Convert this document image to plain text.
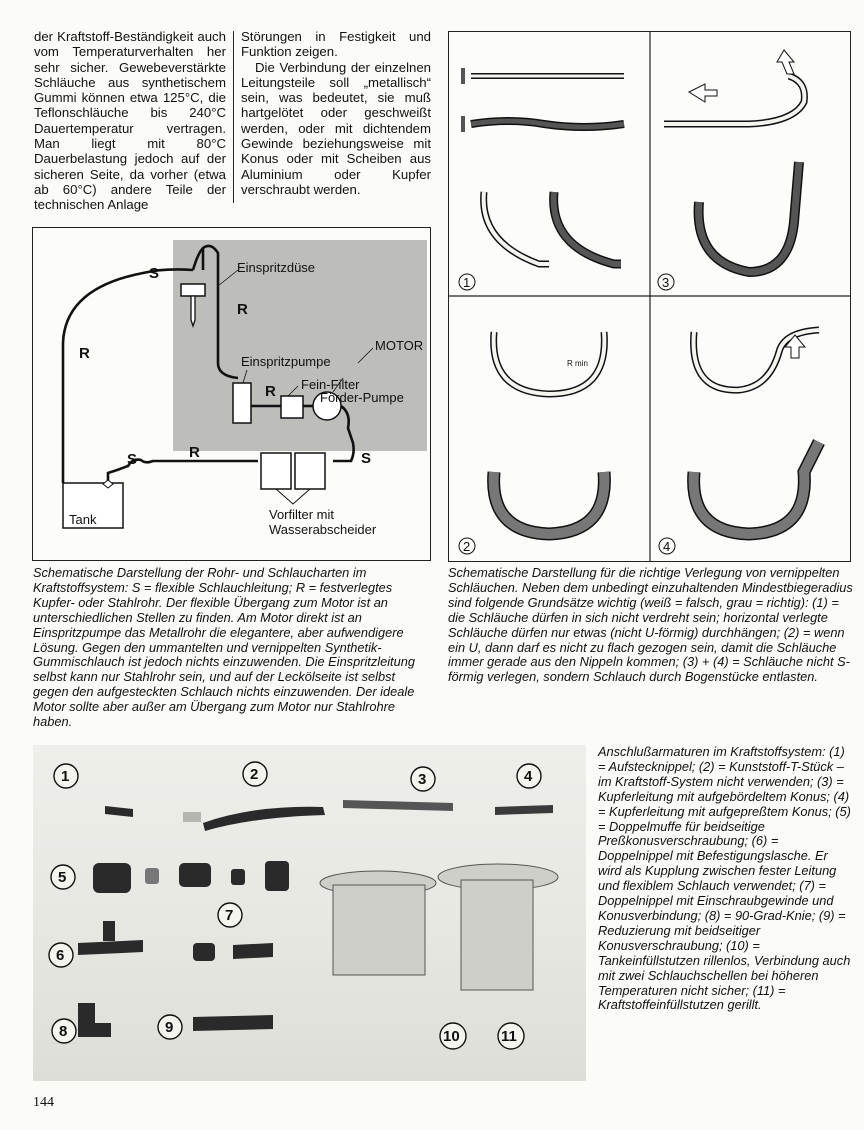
der Kraftstoff-Beständigkeit auch vom Temperaturverhalten her sehr sicher. Gewebeverstärkte Schläuche aus synthetischem Gummi können etwa 125°C, die Teflonschläuche bis 240°C Dauertemperatur vertragen. Man liegt mit 80°C Dauerbelastung jedoch auf der sicheren Seite, da vorher (etwa ab 60°C) andere Teile der technischen Anlage

Störungen in Festigkeit und Funktion zeigen.

Die Verbindung der einzelnen Leitungsteile soll „metallisch“ sein, was bedeutet, sie muß hartgelötet oder geschweißt werden, oder mit dichtendem Gewinde beziehungsweise mit Konus oder mit Scheiben aus Aluminium oder Kupfer verschraubt werden.

Einspritzdüse
Einspritzpumpe
MOTOR
Fein-Filter
Förder-Pumpe
Vorfilter mit
Wasserabscheider
Tank
S
S
S
R
R
R
R
1	3
R min
2	4
Schematische Darstellung der Rohr- und Schlaucharten im Kraftstoffsystem: S = flexible Schlauchleitung; R = festverlegtes Kupfer- oder Stahlrohr. Der flexible Übergang zum Motor ist an unterschiedlichen Stellen zu finden. Am Motor direkt ist an Einspritzpumpe das Metallrohr die elegantere, aber aufwendigere Lösung. Gegen den ummantelten und vernippelten Synthetik-Gummischlauch ist jedoch nichts einzuwenden. Die Einspritzleitung selbst kann nur Stahlrohr sein, und auf der Leckölseite ist selbst gegen den aufgesteckten Schlauch nichts einzuwenden. Der ideale Motor sollte aber außer am Übergang zum Motor nur Stahlrohre haben.
Schematische Darstellung für die richtige Verlegung von vernippelten Schläuchen. Neben dem unbedingt einzuhaltenden Mindestbiegeradius sind folgende Grundsätze wichtig (weiß = falsch, grau = richtig): (1) = die Schläuche dürfen in sich nicht verdreht sein; horizontal verlegte Schläuche dürfen nur etwas (nicht U-förmig) durchhängen; (2) = wenn ein U, dann darf es nicht zu flach gezogen sein, damit die Schläuche immer gerade aus den Nippeln kommen; (3) + (4) = Schläuche nicht S-förmig verlegen, sondern Schlauch durch Bogenstücke entlasten.
1	2	3	4
5
6
7
8	9
10	11
Anschlußarmaturen im Kraftstoffsystem: (1) = Aufstecknippel; (2) = Kunststoff-T-Stück – im Kraftstoff-System nicht verwenden; (3) = Kupferleitung mit aufgebördeltem Konus; (4) = Kupferleitung mit aufgepreßtem Konus; (5) = Doppelmuffe für beidseitige Preßkonusverschraubung; (6) = Doppelnippel mit Befestigungslasche. Er wird als Kupplung zwischen fester Leitung und flexiblem Schlauch verwendet; (7) = Doppelnippel mit Einschraubgewinde und Konusverbindung; (8) = 90-Grad-Knie; (9) = Reduzierung mit beidseitiger Konusverschraubung; (10) = Tankeinfüllstutzen rillenlos, Verbindung auch mit zwei Schlauchschellen bei höheren Temperaturen nicht sicher; (11) = Kraftstoffeinfüllstutzen gerillt.
144
